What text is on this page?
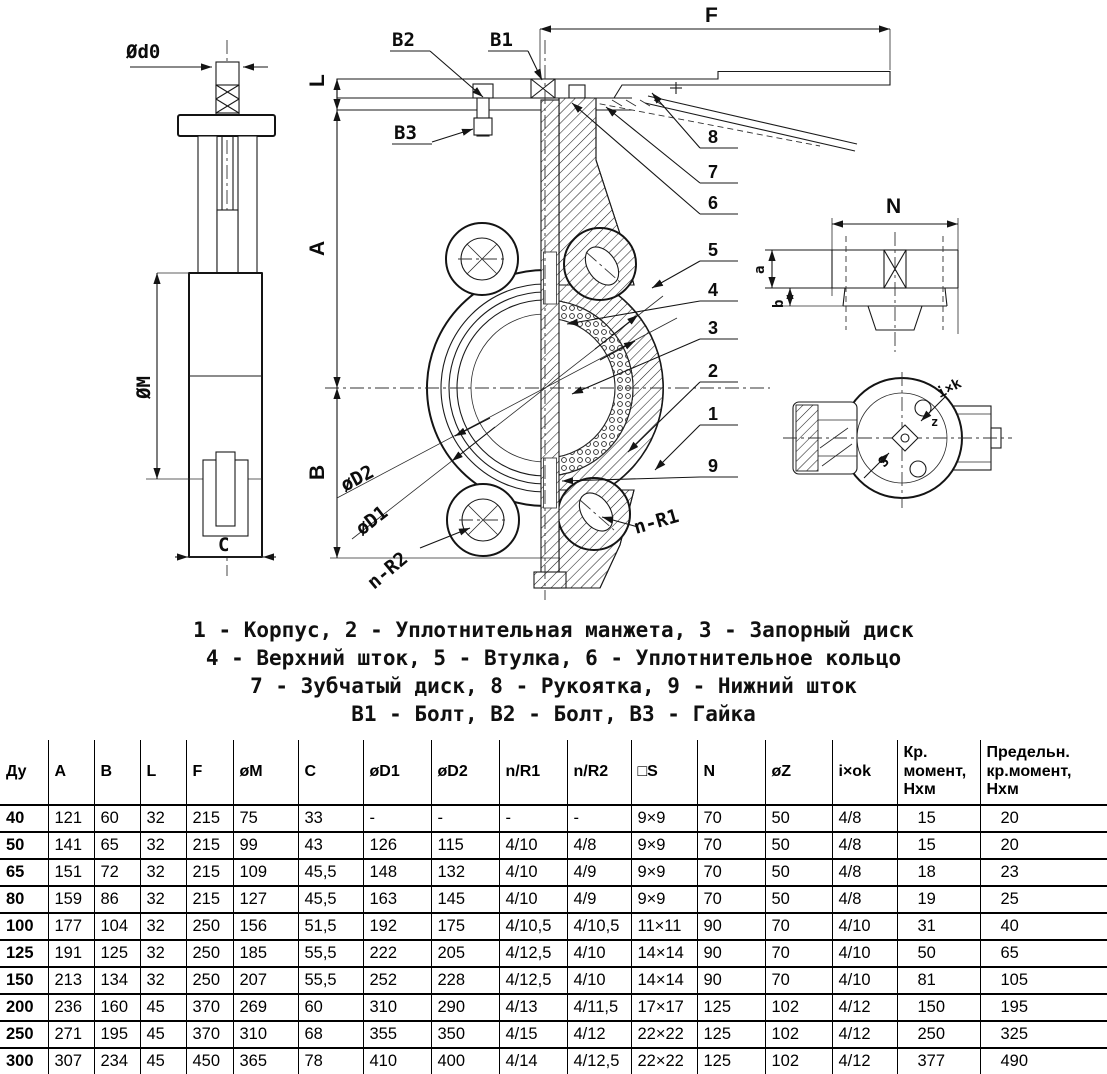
Ød0
ØM
C
F
L
A
B øD2
øD1
n-R2
n-R1
B2	B1
B3	8
7
6
5
4
3
2
1
9
N
a
b
S
z
i×k
1 - Корпус, 2 - Уплотнительная манжета, 3 - Запорный диск
4 - Верхний шток, 5 - Втулка, 6 - Уплотнительное кольцо
7 - Зубчатый диск, 8 - Рукоятка, 9 - Нижний шток
В1 - Болт, В2 - Болт, В3 - Гайка
Ду	A	B	L	F	øM	C	øD1	øD2	n/R1	n/R2	□S	N	øZ	i×ok	Кр. момент, Нхм	Предельн. кр.момент, Нхм
40	121	60	32	215	75	33	-	-	-	-	9×9	70	50	4/8	15	20
50	141	65	32	215	99	43	126	115	4/10	4/8	9×9	70	50	4/8	15	20
65	151	72	32	215	109	45,5	148	132	4/10	4/9	9×9	70	50	4/8	18	23
80	159	86	32	215	127	45,5	163	145	4/10	4/9	9×9	70	50	4/8	19	25
100	177	104	32	250	156	51,5	192	175	4/10,5	4/10,5	11×11	90	70	4/10	31	40
125	191	125	32	250	185	55,5	222	205	4/12,5	4/10	14×14	90	70	4/10	50	65
150	213	134	32	250	207	55,5	252	228	4/12,5	4/10	14×14	90	70	4/10	81	105
200	236	160	45	370	269	60	310	290	4/13	4/11,5	17×17	125	102	4/12	150	195
250	271	195	45	370	310	68	355	350	4/15	4/12	22×22	125	102	4/12	250	325
300	307	234	45	450	365	78	410	400	4/14	4/12,5	22×22	125	102	4/12	377	490
